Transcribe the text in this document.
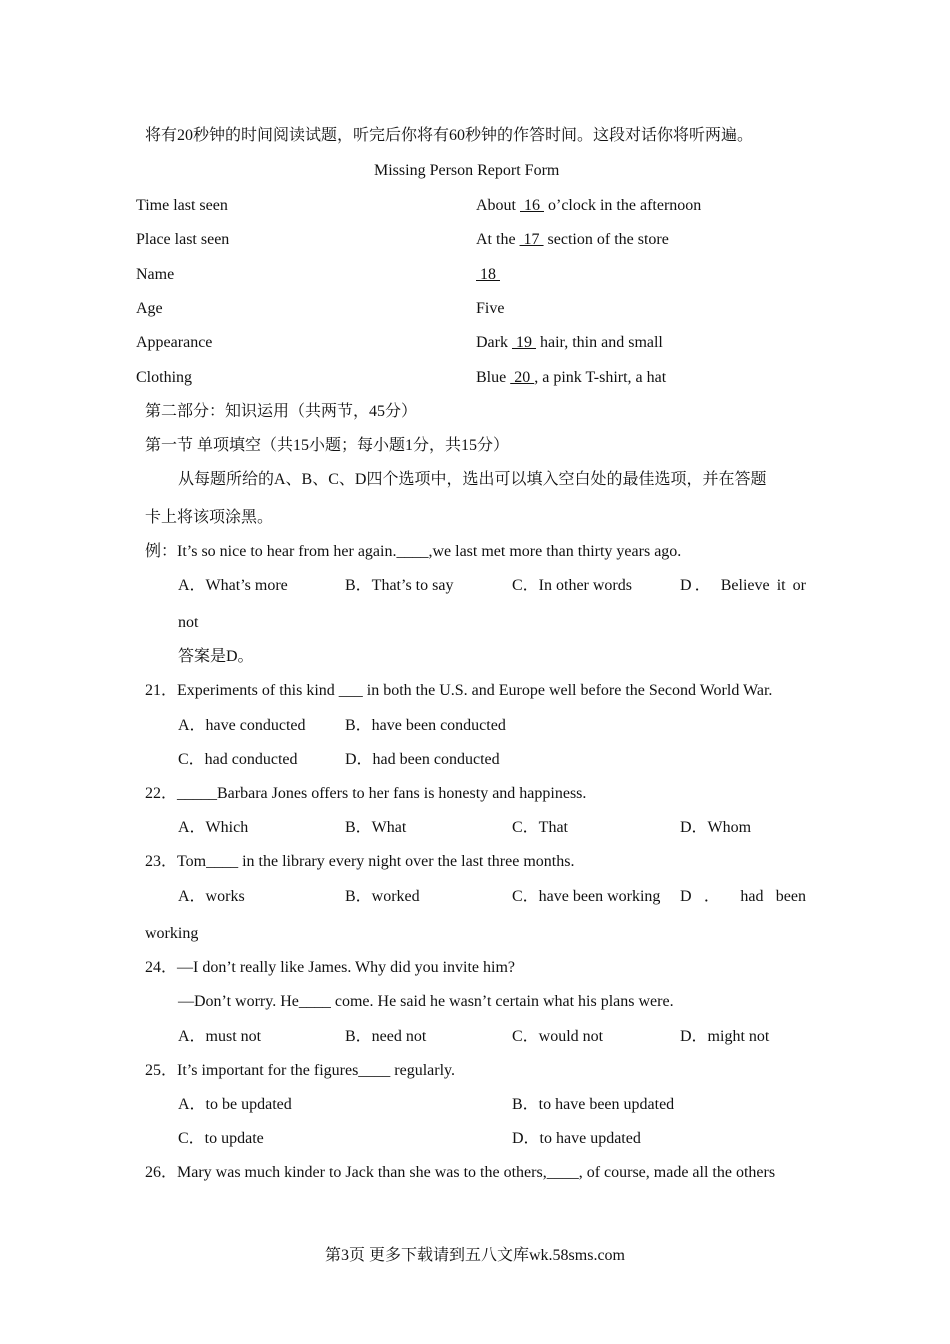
将有20秒钟的时间阅读试题，听完后你将有60秒钟的作答时间。这段对话你将听两遍。
Missing Person Report Form
Time last seen	About  16  o’clock in the afternoon
Place last seen	At the  17  section of the store
Name	18
Age	Five
Appearance	Dark  19  hair, thin and small
Clothing	Blue  20 , a pink T-shirt, a hat
第二部分：知识运用（共两节，45分）
第一节 单项填空（共15小题；每小题1分，共15分）
从每题所给的A、B、C、D四个选项中，选出可以填入空白处的最佳选项，并在答题
卡上将该项涂黑。
例：It’s so nice to hear from her again.____,we last met more than thirty years ago.
A．What’s more	B．That’s to say	C．In other words	D． Believe it or
not
答案是D。
21．Experiments of this kind ___ in both the U.S. and Europe well before the Second World War.
A．have conducted B．have been conducted
C．had conducted	D．had been conducted
22．_____Barbara Jones offers to her fans is honesty and happiness.
A．Which	B．What	C．That	D．Whom
23．Tom____ in the library every night over the last three months.
A．works	B．worked	C．have been working D ． had been
working
24．—I don’t really like James. Why did you invite him?
—Don’t worry. He____ come. He said he wasn’t certain what his plans were.
A．must not	B．need not	C．would not	D．might not
25．It’s important for the figures____ regularly.
A．to be updated	B．to have been updated
C．to update	D．to have updated
26．Mary was much kinder to Jack than she was to the others,____, of course, made all the others
第3页 更多下载请到五八文库wk.58sms.com
